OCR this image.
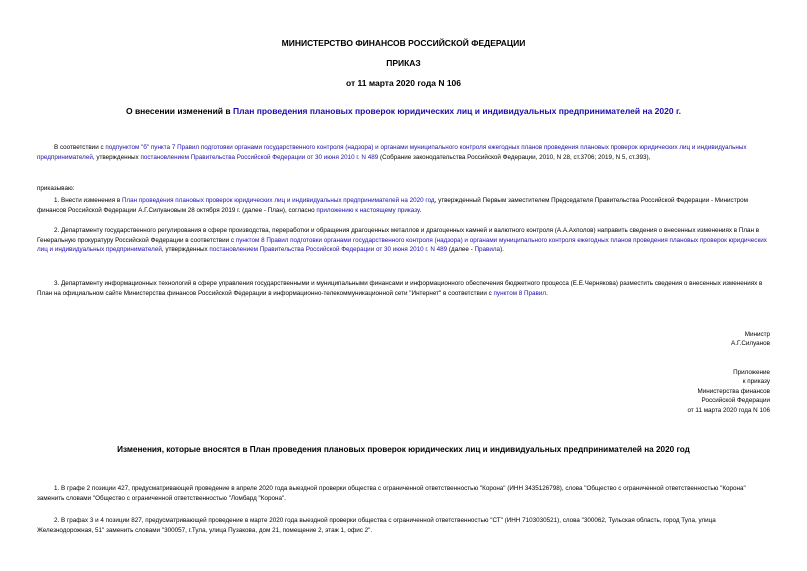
МИНИСТЕРСТВО ФИНАНСОВ РОССИЙСКОЙ ФЕДЕРАЦИИ
ПРИКАЗ
от 11 марта 2020 года N 106
О внесении изменений в План проведения плановых проверок юридических лиц и индивидуальных предпринимателей на 2020 г.
В соответствии с подпунктом "б" пункта 7 Правил подготовки органами государственного контроля (надзора) и органами муниципального контроля ежегодных планов проведения плановых проверок юридических лиц и индивидуальных предпринимателей, утвержденных постановлением Правительства Российской Федерации от 30 июня 2010 г. N 489 (Собрание законодательства Российской Федерации, 2010, N 28, ст.3706; 2019, N 5, ст.393),
приказываю:
1. Внести изменения в План проведения плановых проверок юридических лиц и индивидуальных предпринимателей на 2020 год, утвержденный Первым заместителем Председателя Правительства Российской Федерации - Министром финансов Российской Федерации А.Г.Силуановым 28 октября 2019 г. (далее - План), согласно приложению к настоящему приказу.
2. Департаменту государственного регулирования в сфере производства, переработки и обращения драгоценных металлов и драгоценных камней и валютного контроля (А.А.Ахполов) направить сведения о внесенных изменениях в План в Генеральную прокуратуру Российской Федерации в соответствии с пунктом 8 Правил подготовки органами государственного контроля (надзора) и органами муниципального контроля ежегодных планов проведения плановых проверок юридических лиц и индивидуальных предпринимателей, утвержденных постановлением Правительства Российской Федерации от 30 июня 2010 г. N 489 (далее - Правила).
3. Департаменту информационных технологий в сфере управления государственными и муниципальными финансами и информационного обеспечения бюджетного процесса (Е.Е.Чернякова) разместить сведения о внесенных изменениях в План на официальном сайте Министерства финансов Российской Федерации в информационно-телекоммуникационной сети "Интернет" в соответствии с пунктом 8 Правил.
Министр
А.Г.Силуанов
Приложение
к приказу
Министерства финансов
Российской Федерации
от 11 марта 2020 года N 106
Изменения, которые вносятся в План проведения плановых проверок юридических лиц и индивидуальных предпринимателей на 2020 год
1. В графе 2 позиции 427, предусматривающей проведение в апреле 2020 года выездной проверки общества с ограниченной ответственностью "Корона" (ИНН 3435126798), слова "Общество с ограниченной ответственностью "Корона" заменить словами "Общество с ограниченной ответственностью "Ломбард "Корона".
2. В графах 3 и 4 позиции 827, предусматривающей проведение в марте 2020 года выездной проверки общества с ограниченной ответственностью "СТ" (ИНН 7103030521), слова "300062, Тульская область, город Тула, улица Железнодорожная, 51" заменить словами "300057, г.Тула, улица Пузакова, дом 21, помещение 2, этаж 1, офис 2".
